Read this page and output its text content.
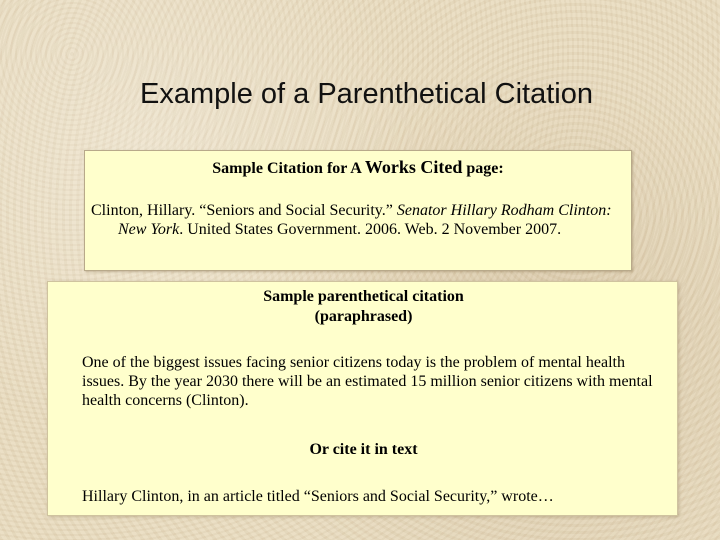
Example of a Parenthetical Citation
Sample Citation for A Works Cited page:
Clinton, Hillary. “Seniors and Social Security.” Senator Hillary Rodham Clinton: New York. United States Government. 2006. Web. 2 November 2007.
Sample parenthetical citation
(paraphrased)
One of the biggest issues facing senior citizens today is the problem of mental health issues. By the year 2030 there will be an estimated 15 million senior citizens with mental health concerns (Clinton).
Or cite it in text
Hillary Clinton, in an article titled “Seniors and Social Security,” wrote…
